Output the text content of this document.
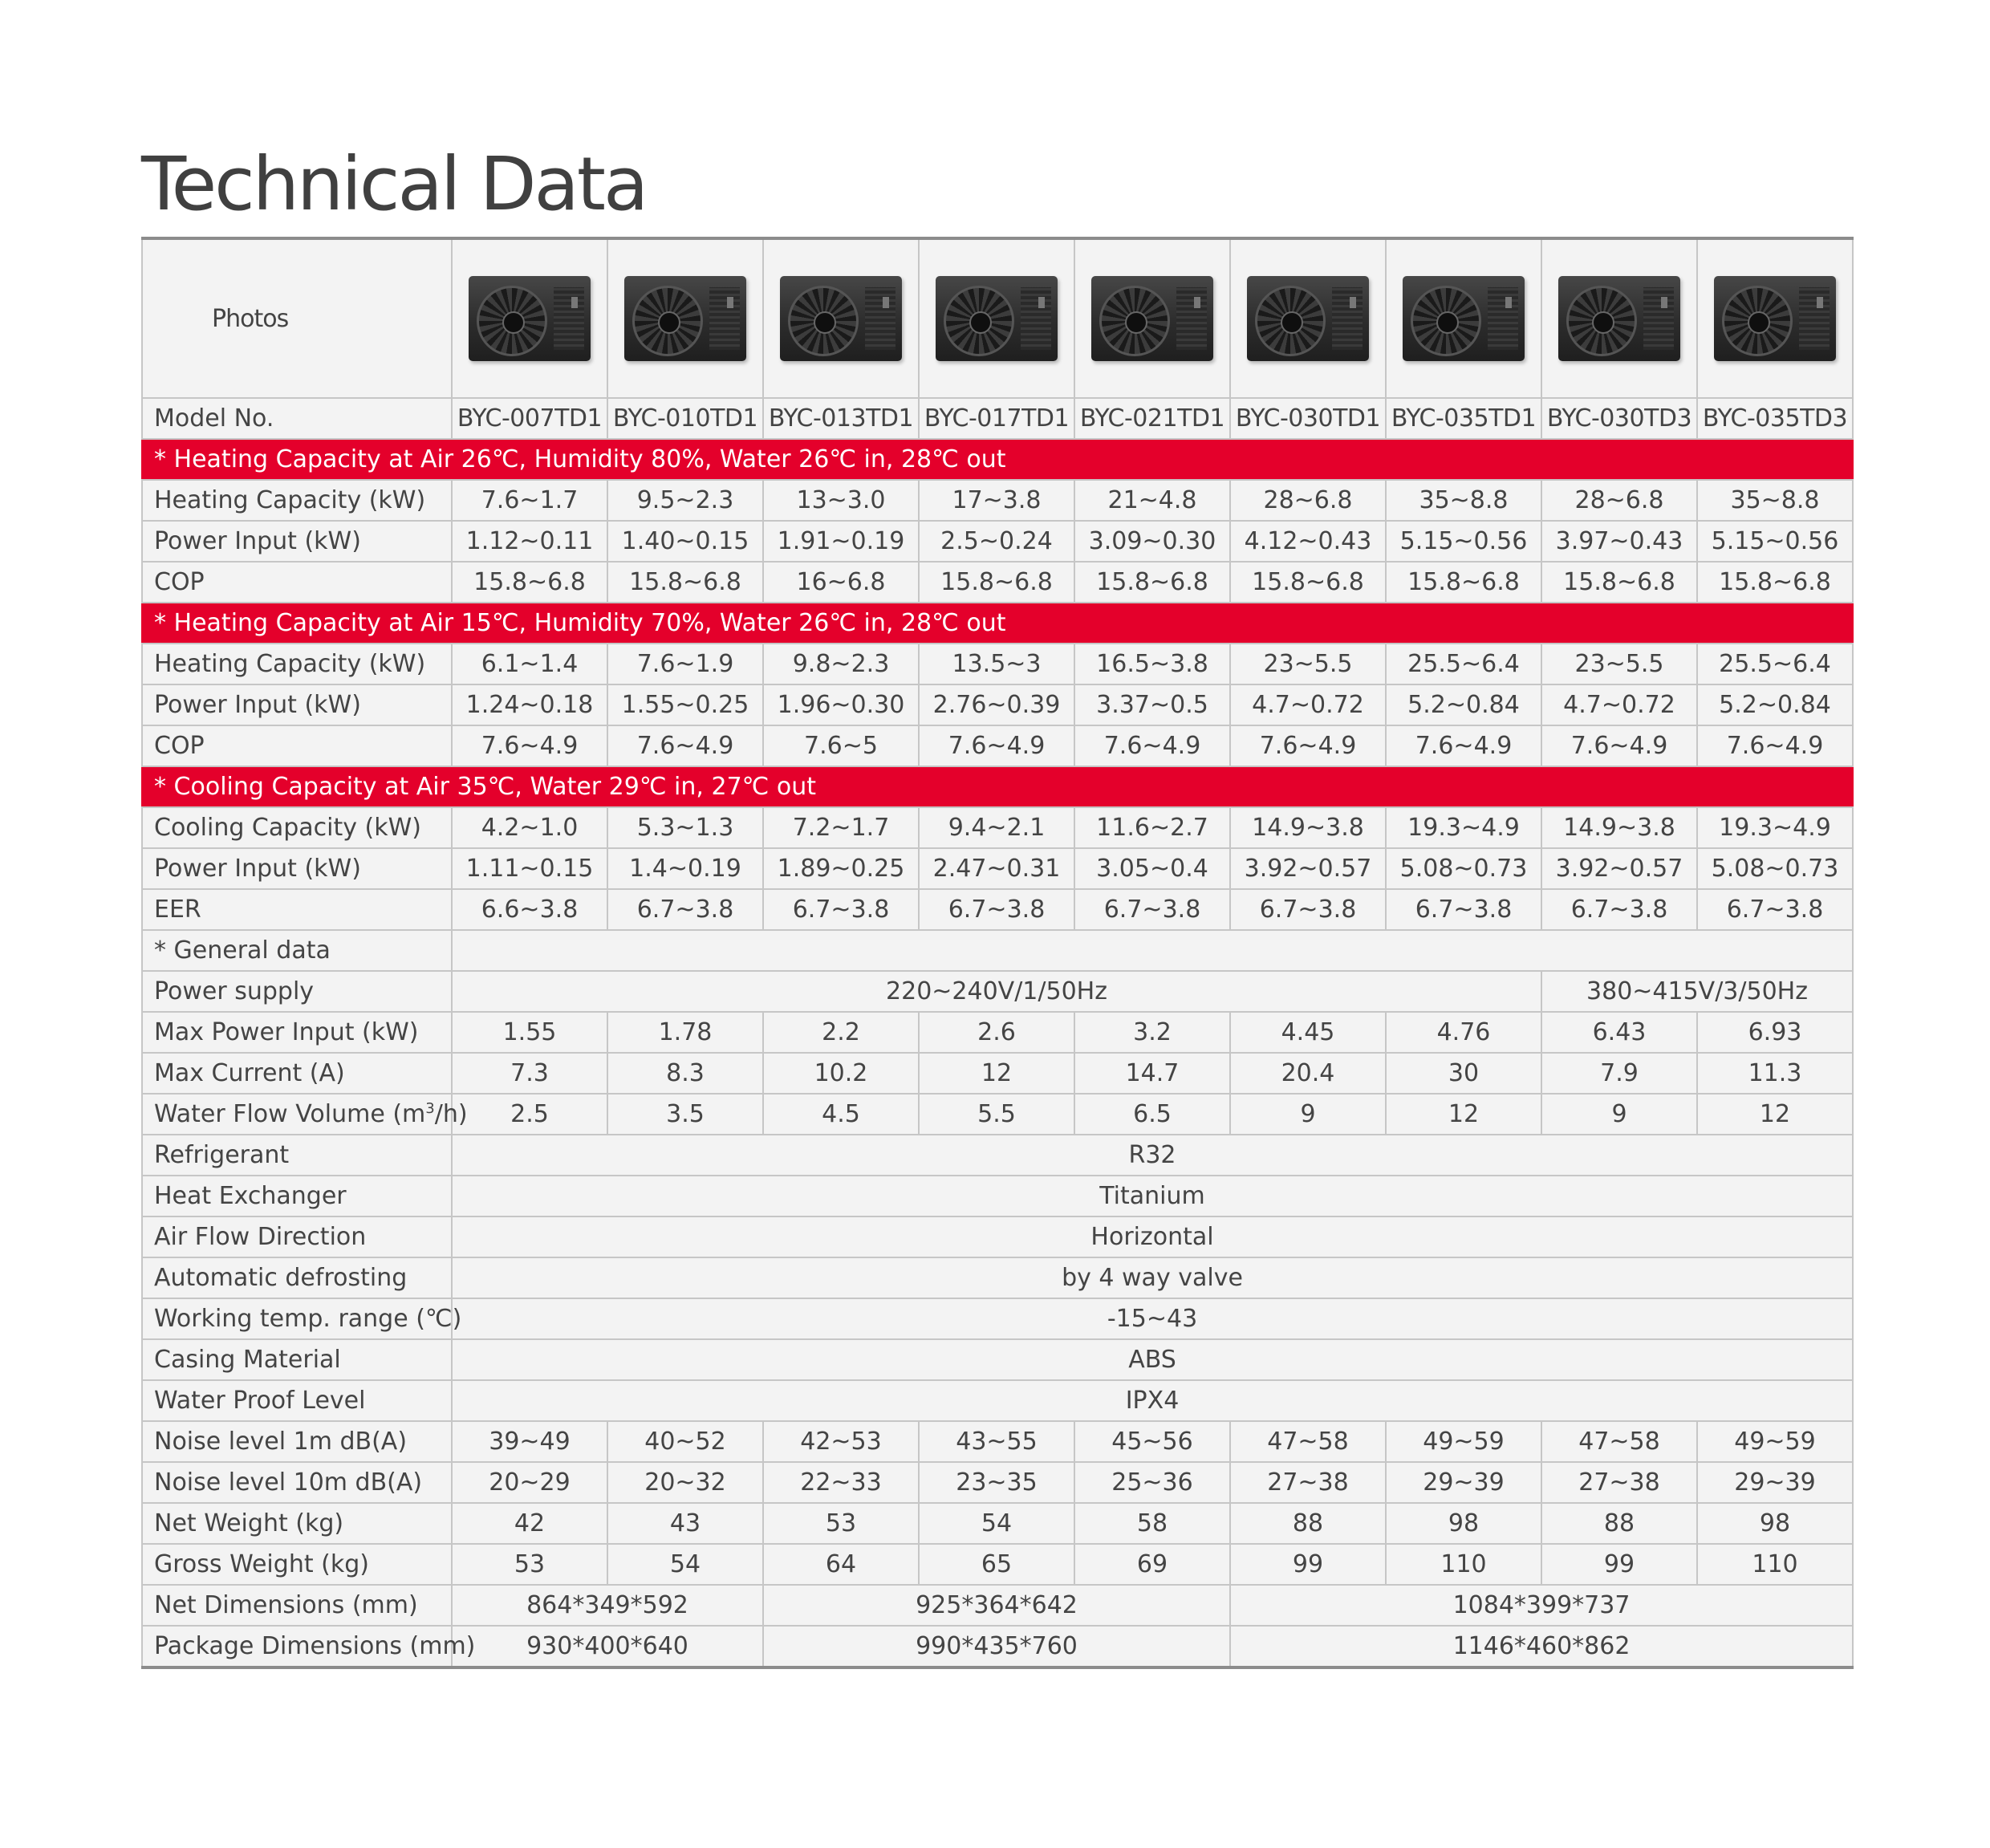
Technical Data
Photos	

Model No.	BYC-007TD1	BYC-010TD1	BYC-013TD1	BYC-017TD1	BYC-021TD1	BYC-030TD1	BYC-035TD1	BYC-030TD3	BYC-035TD3
* Heating Capacity at Air 26℃, Humidity 80%, Water 26℃ in, 28℃ out									
Heating Capacity (kW)	7.6~1.7	9.5~2.3	13~3.0	17~3.8	21~4.8	28~6.8	35~8.8	28~6.8	35~8.8
Power Input (kW)	1.12~0.11	1.40~0.15	1.91~0.19	2.5~0.24	3.09~0.30	4.12~0.43	5.15~0.56	3.97~0.43	5.15~0.56
COP	15.8~6.8	15.8~6.8	16~6.8	15.8~6.8	15.8~6.8	15.8~6.8	15.8~6.8	15.8~6.8	15.8~6.8
* Heating Capacity at Air 15℃, Humidity 70%, Water 26℃ in, 28℃ out									
Heating Capacity (kW)	6.1~1.4	7.6~1.9	9.8~2.3	13.5~3	16.5~3.8	23~5.5	25.5~6.4	23~5.5	25.5~6.4
Power Input (kW)	1.24~0.18	1.55~0.25	1.96~0.30	2.76~0.39	3.37~0.5	4.7~0.72	5.2~0.84	4.7~0.72	5.2~0.84
COP	7.6~4.9	7.6~4.9	7.6~5	7.6~4.9	7.6~4.9	7.6~4.9	7.6~4.9	7.6~4.9	7.6~4.9
* Cooling Capacity at Air 35℃, Water 29℃ in, 27℃ out									
Cooling Capacity (kW)	4.2~1.0	5.3~1.3	7.2~1.7	9.4~2.1	11.6~2.7	14.9~3.8	19.3~4.9	14.9~3.8	19.3~4.9
Power Input (kW)	1.11~0.15	1.4~0.19	1.89~0.25	2.47~0.31	3.05~0.4	3.92~0.57	5.08~0.73	3.92~0.57	5.08~0.73
EER	6.6~3.8	6.7~3.8	6.7~3.8	6.7~3.8	6.7~3.8	6.7~3.8	6.7~3.8	6.7~3.8	6.7~3.8
* General data									
Power supply	220~240V/1/50Hz							380~415V/3/50Hz	
Max Power Input (kW)	1.55	1.78	2.2	2.6	3.2	4.45	4.76	6.43	6.93
Max Current (A)	7.3	8.3	10.2	12	14.7	20.4	30	7.9	11.3
Water Flow Volume $(m^3/h)$	2.5	3.5	4.5	5.5	6.5	9	12	9	12
Refrigerant	R32								
Heat Exchanger	Titanium								
Air Flow Direction	Horizontal								
Automatic defrosting	by 4 way valve								
Working temp. range (℃)	-15~43								
Casing Material	ABS								
Water Proof Level	IPX4								
Noise level 1m dB(A)	39~49	40~52	42~53	43~55	45~56	47~58	49~59	47~58	49~59
Noise level 10m dB(A)	20~29	20~32	22~33	23~35	25~36	27~38	29~39	27~38	29~39
Net Weight (kg)	42	43	53	54	58	88	98	88	98
Gross Weight (kg)	53	54	64	65	69	99	110	99	110
Net Dimensions (mm)	864*349*592		925*364*642			1084*399*737			
Package Dimensions (mm)	930*400*640		990*435*760			1146*460*862			
